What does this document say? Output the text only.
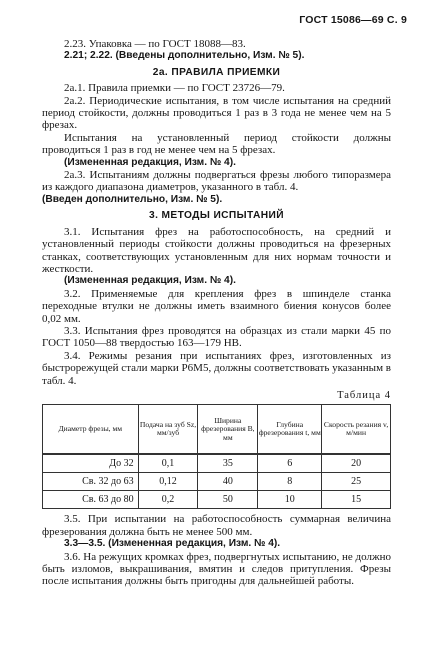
ГОСТ 15086—69 С. 9

2.23. Упаковка — по ГОСТ 18088—83.

2.21; 2.22. (Введены дополнительно, Изм. № 5).

2а. ПРАВИЛА ПРИЕМКИ

2а.1. Правила приемки — по ГОСТ 23726—79.

2а.2. Периодические испытания, в том числе испытания на средний период стойкости, должны проводиться 1 раз в 3 года не менее чем на 5 фрезах.

Испытания на установленный период стойкости должны проводиться 1 раз в год не менее чем на 5 фрезах.

(Измененная редакция, Изм. № 4).

2а.3. Испытаниям должны подвергаться фрезы любого типоразмера из каждого диапазона диаметров, указанного в табл. 4.

(Введен дополнительно, Изм. № 5).

3. МЕТОДЫ ИСПЫТАНИЙ

3.1. Испытания фрез на работоспособность, на средний и установленный периоды стойкости должны проводиться на фрезерных станках, соответствующих установленным для них нормам точности и жесткости.

(Измененная редакция, Изм. № 4).

3.2. Применяемые для крепления фрез в шпинделе станка переходные втулки не должны иметь взаимного биения конусов более 0,02 мм.

3.3. Испытания фрез проводятся на образцах из стали марки 45 по ГОСТ 1050—88 твердостью 163—179 НВ.

3.4. Режимы резания при испытаниях фрез, изготовленных из быстрорежущей стали марки Р6М5, должны соответствовать указанным в табл. 4.

Таблица 4
Диаметр фрезы, мм	Подача на зуб Sz, мм/зуб	Ширина фрезерования B, мм	Глубина фрезерования t, мм	Скорость резания v, м/мин
До 32	0,1	35	6	20
Св. 32 до 63	0,12	40	8	25
Св. 63 до 80	0,2	50	10	15

3.5. При испытании на работоспособность суммарная величина фрезерования должна быть не менее 500 мм.

3.3—3.5. (Измененная редакция, Изм. № 4).

3.6. На режущих кромках фрез, подвергнутых испытанию, не должно быть изломов, выкрашивания, вмятин и следов притупления. Фрезы после испытания должны быть пригодны для дальнейшей работы.
